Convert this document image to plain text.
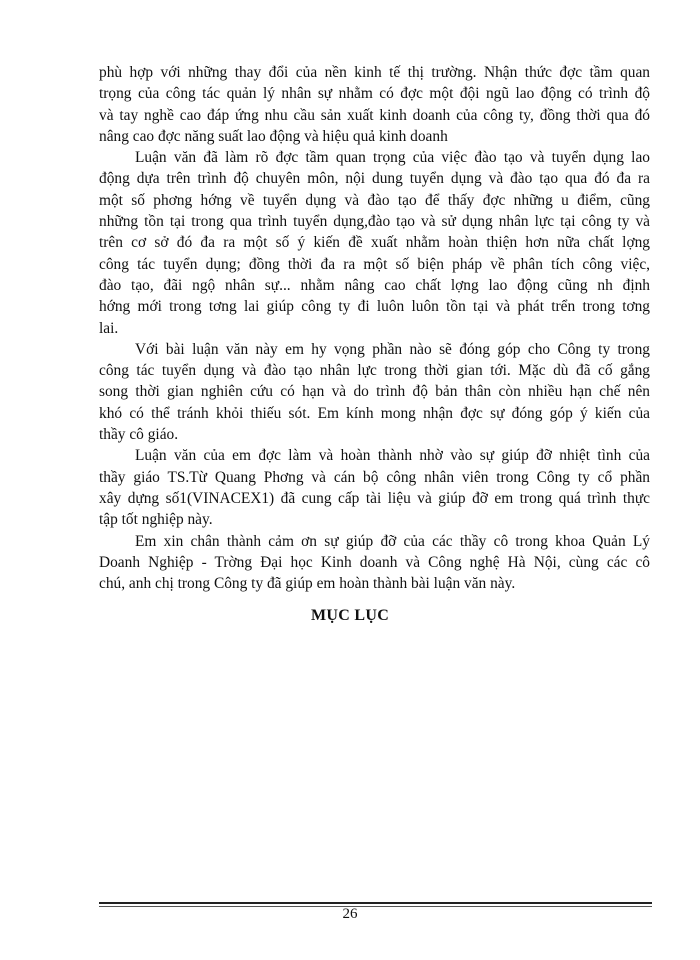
phù hợp với những thay đổi của nền kinh tế thị trường. Nhận thức đợc tầm quan
trọng của công tác quản lý nhân sự nhằm có đợc một đội ngũ lao động có trình độ
và tay nghề cao đáp ứng nhu cầu sản xuất kinh doanh của công ty, đồng thời qua đó
nâng cao đợc năng suất lao động và hiệu quả kinh doanh
Luận văn đã làm rõ đợc tầm quan trọng của việc đào tạo và tuyển dụng lao
động dựa trên trình độ chuyên môn, nội dung tuyển dụng và đào tạo qua đó đa ra
một số phơng hớng về tuyển dụng và đào tạo để thấy đợc những u điểm, cũng
những tồn tại trong qua trình tuyển dụng,đào tạo và sử dụng nhân lực tại công ty và
trên cơ sở đó đa ra một số ý kiến đề xuất nhằm hoàn thiện hơn nữa chất lợng
công tác tuyển dụng; đồng thời đa ra một số biện pháp về phân tích công việc,
đào tạo, đãi ngộ nhân sự... nhằm nâng cao chất lợng lao động cũng nh định
hớng mới trong tơng lai giúp công ty đi luôn luôn tồn tại và phát trển trong tơng
lai.
Với bài luận văn này em hy vọng phần nào sẽ đóng góp cho Công ty trong
công tác tuyển dụng và đào tạo nhân lực trong thời gian tới. Mặc dù đã cố gắng
song thời gian nghiên cứu có hạn và do trình độ bản thân còn nhiều hạn chế nên
khó có thể tránh khỏi thiếu sót. Em kính mong nhận đợc sự đóng góp ý kiến của
thầy cô giáo.
Luận văn của em đợc làm và hoàn thành nhờ vào sự giúp đỡ nhiệt tình của
thầy giáo TS.Từ Quang Phơng và cán bộ công nhân viên trong Công ty cổ phần
xây dựng số1(VINACEX1) đã cung cấp tài liệu và giúp đỡ em trong quá trình thực
tập tốt nghiệp này.
Em xin chân thành cảm ơn sự giúp đỡ của các thầy cô trong khoa Quản Lý
Doanh Nghiệp - Trờng Đại học Kinh doanh và Công nghệ Hà Nội, cùng các cô
chú, anh chị trong Công ty đã giúp em hoàn thành bài luận văn này.
MỤC LỤC
26
